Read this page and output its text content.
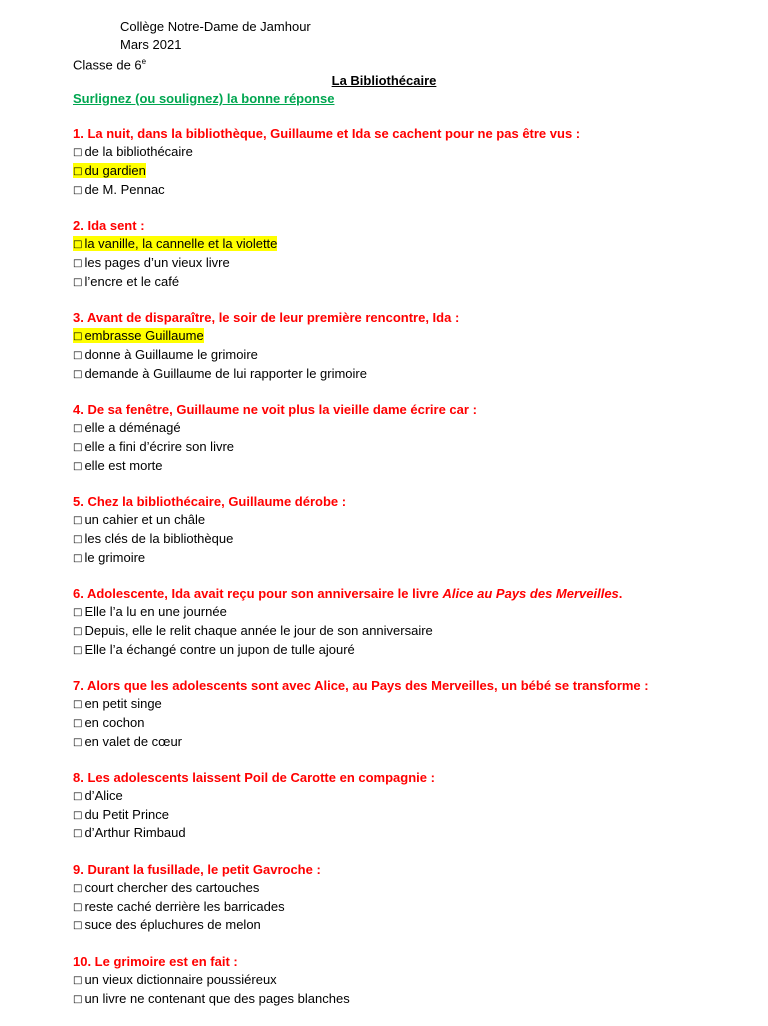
Collège Notre-Dame de Jamhour
Mars 2021
Classe de 6e
La Bibliothécaire
Surlignez (ou soulignez) la bonne réponse
1. La nuit, dans la bibliothèque, Guillaume et Ida se cachent pour ne pas être vus :
□ de la bibliothécaire
□ du gardien
□ de M. Pennac
2. Ida sent :
□ la vanille, la cannelle et la violette
□ les pages d’un vieux livre
□ l’encre et le café
3. Avant de disparaître, le soir de leur première rencontre, Ida :
□ embrasse Guillaume
□ donne à Guillaume le grimoire
□ demande à Guillaume de lui rapporter le grimoire
4. De sa fenêtre, Guillaume ne voit plus la vieille dame écrire car :
□ elle a déménagé
□ elle a fini d’écrire son livre
□ elle est morte
5. Chez la bibliothécaire, Guillaume dérobe :
□ un cahier et un châle
□ les clés de la bibliothèque
□ le grimoire
6. Adolescente, Ida avait reçu pour son anniversaire le livre Alice au Pays des Merveilles.
□ Elle l’a lu en une journée
□ Depuis, elle le relit chaque année le jour de son anniversaire
□ Elle l’a échangé contre un jupon de tulle ajouré
7. Alors que les adolescents sont avec Alice, au Pays des Merveilles, un bébé se transforme :
□ en petit singe
□ en cochon
□ en valet de cœur
8. Les adolescents laissent Poil de Carotte en compagnie :
□ d’Alice
□ du Petit Prince
□ d’Arthur Rimbaud
9. Durant la fusillade, le petit Gavroche :
□ court chercher des cartouches
□ reste caché derrière les barricades
□ suce des épluchures de melon
10. Le grimoire est en fait :
□ un vieux dictionnaire poussiéreux
□ un livre ne contenant que des pages blanches
